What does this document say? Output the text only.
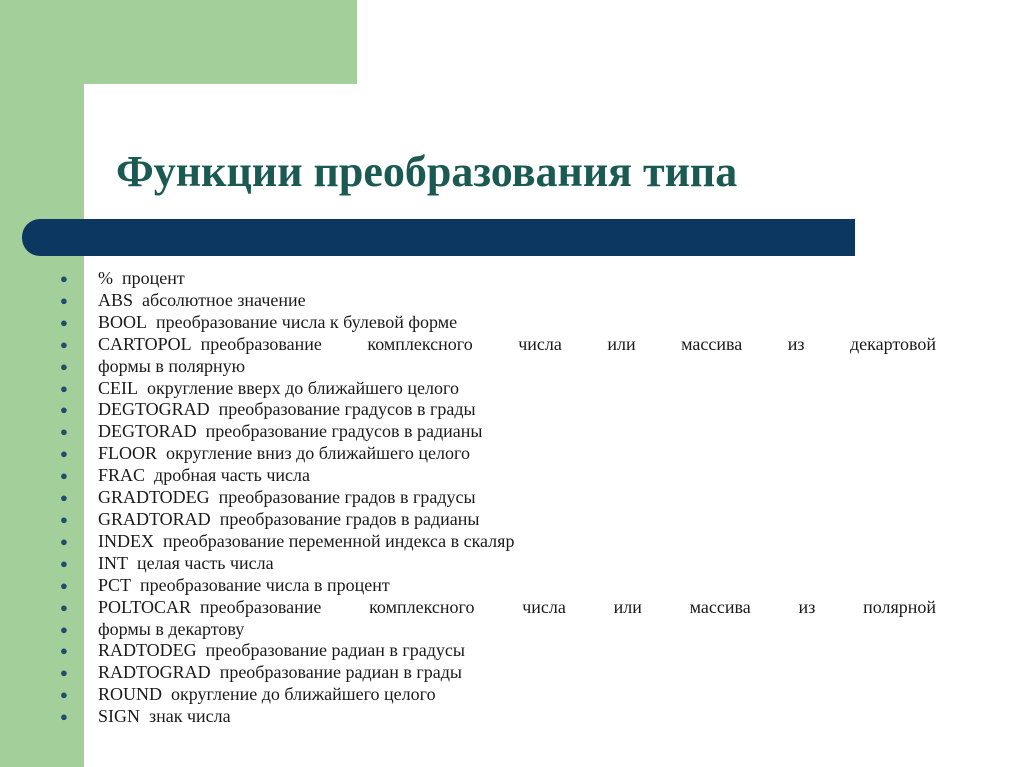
Функции преобразования типа
●	% процент
●	ABS абсолютное значение
●	BOOL преобразование числа к булевой форме
●	CARTOPOL преобразование комплексного числа или массива из декартовой
●	формы в полярную
●	CEIL округление вверх до ближайшего целого
●	DEGTOGRAD преобразование градусов в грады
●	DEGTORAD преобразование градусов в радианы
●	FLOOR округление вниз до ближайшего целого
●	FRAC дробная часть числа
●	GRADTODEG преобразование градов в градусы
●	GRADTORAD преобразование градов в радианы
●	INDEX преобразование переменной индекса в скаляр
●	INT целая часть числа
●	PCT преобразование числа в процент
●	POLTOCAR преобразование комплексного числа или массива из полярной
●	формы в декартову
●	RADTODEG преобразование радиан в градусы
●	RADTOGRAD преобразование радиан в грады
●	ROUND округление до ближайшего целого
●	SIGN знак числа
